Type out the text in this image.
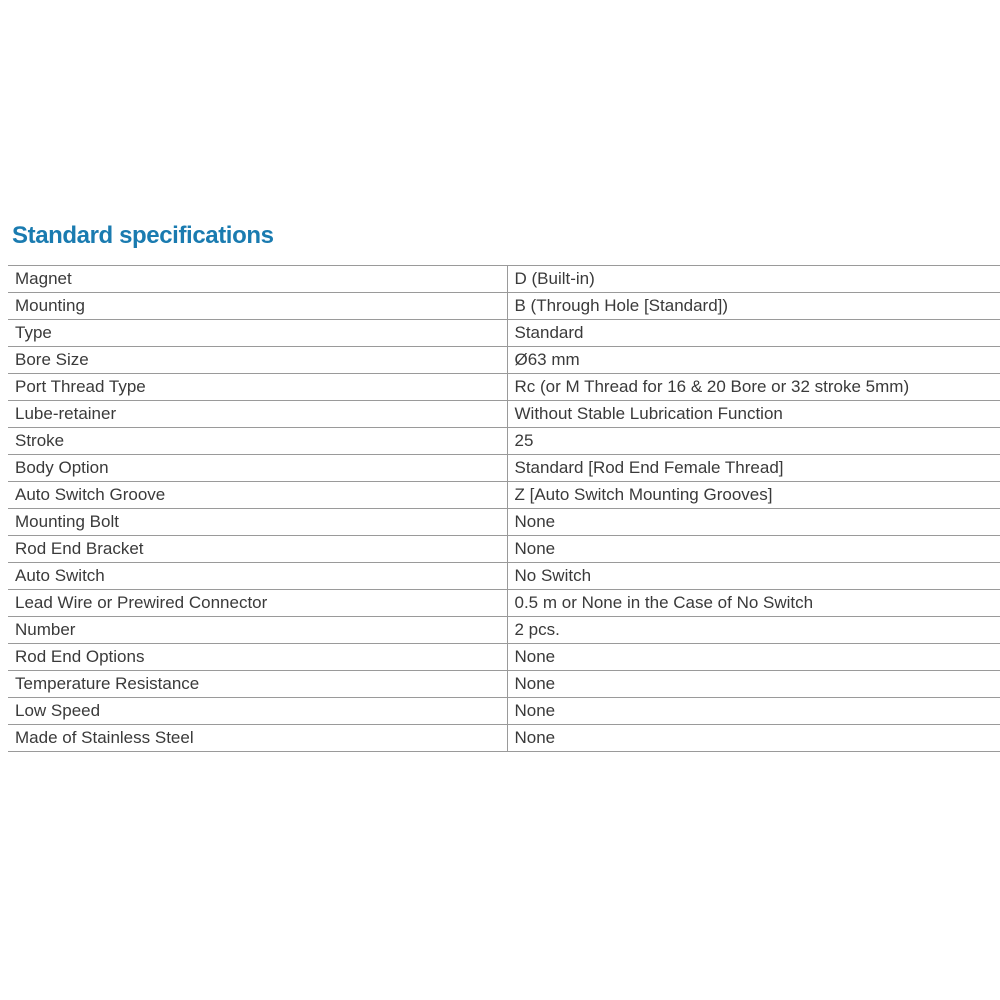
Standard specifications
Magnet	D (Built-in)
Mounting	B (Through Hole [Standard])
Type	Standard
Bore Size	Ø63 mm
Port Thread Type	Rc (or M Thread for 16 & 20 Bore or 32 stroke 5mm)
Lube-retainer	Without Stable Lubrication Function
Stroke	25
Body Option	Standard [Rod End Female Thread]
Auto Switch Groove	Z [Auto Switch Mounting Grooves]
Mounting Bolt	None
Rod End Bracket	None
Auto Switch	No Switch
Lead Wire or Prewired Connector	0.5 m or None in the Case of No Switch
Number	2 pcs.
Rod End Options	None
Temperature Resistance	None
Low Speed	None
Made of Stainless Steel	None
